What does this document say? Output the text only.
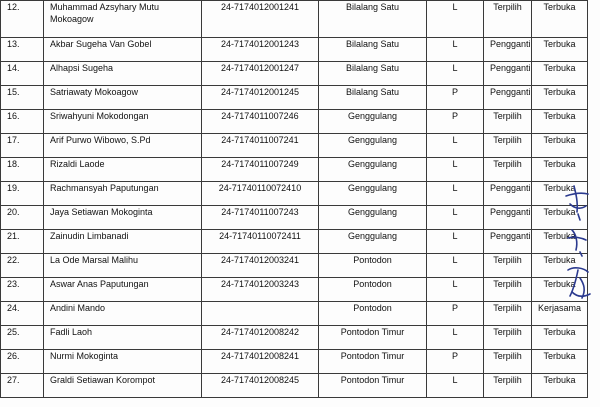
12.	Muhammad Azsyhary Mutu Mokoagow	24-7174012001241	Bilalang Satu	L	Terpilih	Terbuka
13.	Akbar Sugeha Van Gobel	24-7174012001243	Bilalang Satu	L	Pengganti	Terbuka
14.	Alhapsi Sugeha	24-7174012001247	Bilalang Satu	L	Pengganti	Terbuka
15.	Satriawaty Mokoagow	24-7174012001245	Bilalang Satu	P	Pengganti	Terbuka
16.	Sriwahyuni Mokodongan	24-7174011007246	Genggulang	P	Terpilih	Terbuka
17.	Arif Purwo Wibowo, S.Pd	24-7174011007241	Genggulang	L	Terpilih	Terbuka
18.	Rizaldi Laode	24-7174011007249	Genggulang	L	Terpilih	Terbuka
19.	Rachmansyah Paputungan	24-71740110072410	Genggulang	L	Pengganti	Terbuka
20.	Jaya Setiawan Mokoginta	24-7174011007243	Genggulang	L	Pengganti	Terbuka
21.	Zainudin Limbanadi	24-71740110072411	Genggulang	L	Pengganti	Terbuka
22.	La Ode Marsal Malihu	24-7174012003241	Pontodon	L	Terpilih	Terbuka
23.	Aswar Anas Paputungan	24-7174012003243	Pontodon	L	Terpilih	Terbuka
24.	Andini Mando		Pontodon	P	Terpilih	Kerjasama
25.	Fadli Laoh	24-7174012008242	Pontodon Timur	L	Terpilih	Terbuka
26.	Nurmi Mokoginta	24-7174012008241	Pontodon Timur	P	Terpilih	Terbuka
27.	Graldi Setiawan Korompot	24-7174012008245	Pontodon Timur	L	Terpilih	Terbuka
